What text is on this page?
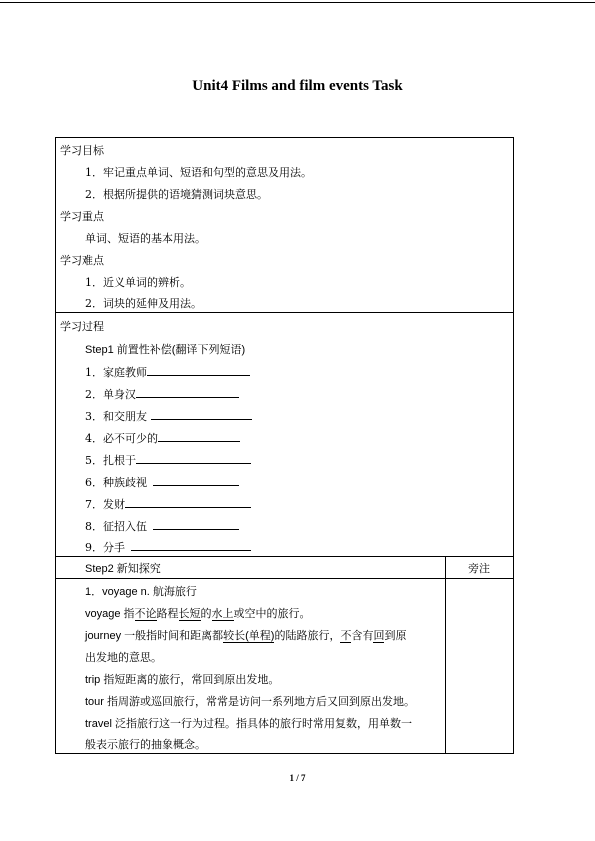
Unit4 Films and film events Task
学习目标
1．牢记重点单词、短语和句型的意思及用法。
2．根据所提供的语境猜测词块意思。
学习重点
单词、短语的基本用法。
学习难点
1．近义单词的辨析。
2．词块的延伸及用法。
学习过程
Step1 前置性补偿(翻译下列短语)
1．家庭教师
2．单身汉
3．和交朋友
4．必不可少的
5．扎根于
6．种族歧视
7．发财
8．征招入伍
9．分手
Step2 新知探究	旁注
1．voyage n. 航海旅行
voyage 指不论路程长短的水上或空中的旅行。
journey 一般指时间和距离都较长(单程)的陆路旅行，不含有回到原
出发地的意思。
trip 指短距离的旅行，常回到原出发地。
tour 指周游或巡回旅行，常常是访问一系列地方后又回到原出发地。
travel 泛指旅行这一行为过程。指具体的旅行时常用复数，用单数一
般表示旅行的抽象概念。
1 / 7
